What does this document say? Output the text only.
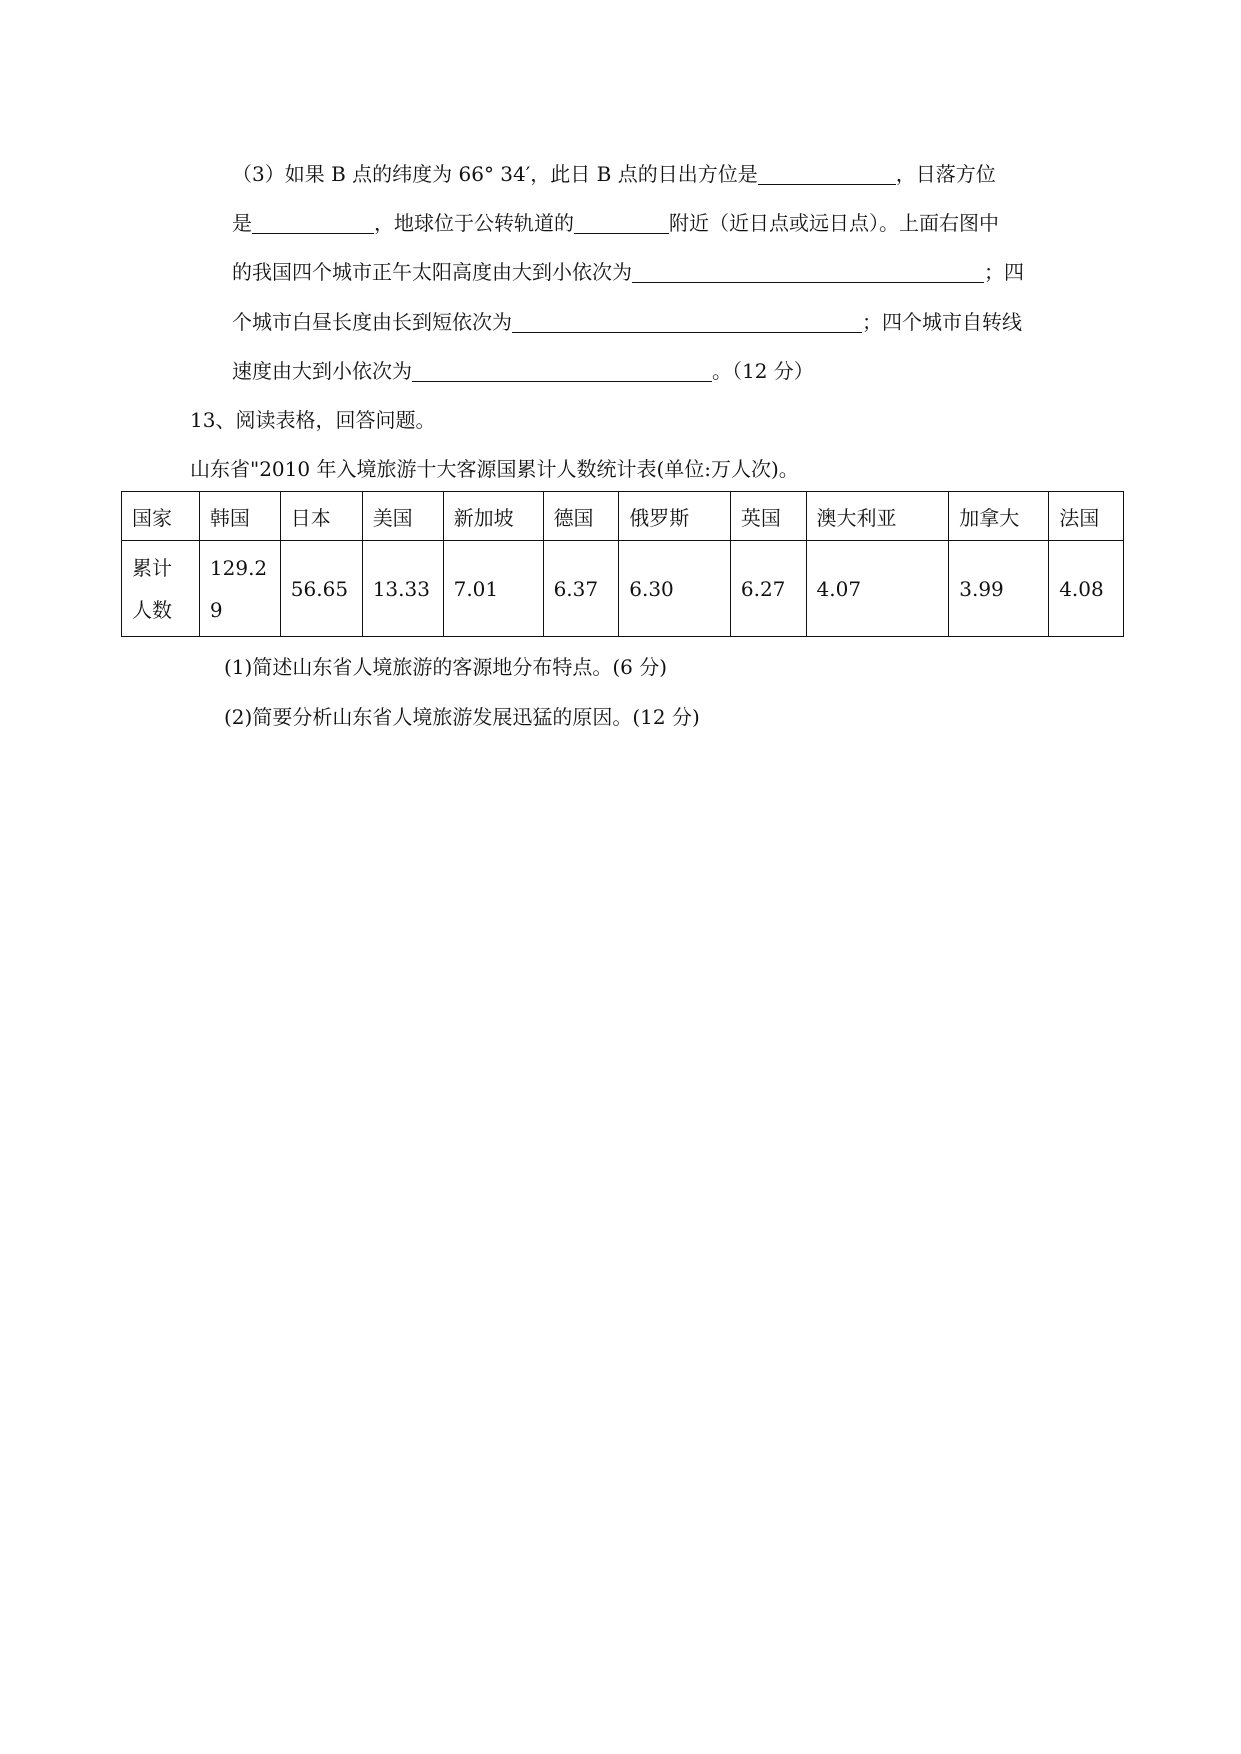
（3）如果 B 点的纬度为 66° 34′，此日 B 点的日出方位是	，日落方位
是	，地球位于公转轨道的	附近（近日点或远日点）。上面右图中
的我国四个城市正午太阳高度由大到小依次为	；四
个城市白昼长度由长到短依次为	；四个城市自转线
速度由大到小依次为	。（12 分）
13、阅读表格，回答问题。
山东省"2010 年入境旅游十大客源国累计人数统计表(单位:万人次)。
国家	韩国	日本	美国	新加坡	德国	俄罗斯	英国	澳大利亚	加拿大	法国
累计
人数	129.2
9	56.65	13.33	7.01	6.37	6.30	6.27	4.07	3.99	4.08
(1)简述山东省人境旅游的客源地分布特点。(6 分)
(2)简要分析山东省人境旅游发展迅猛的原因。(12 分)
